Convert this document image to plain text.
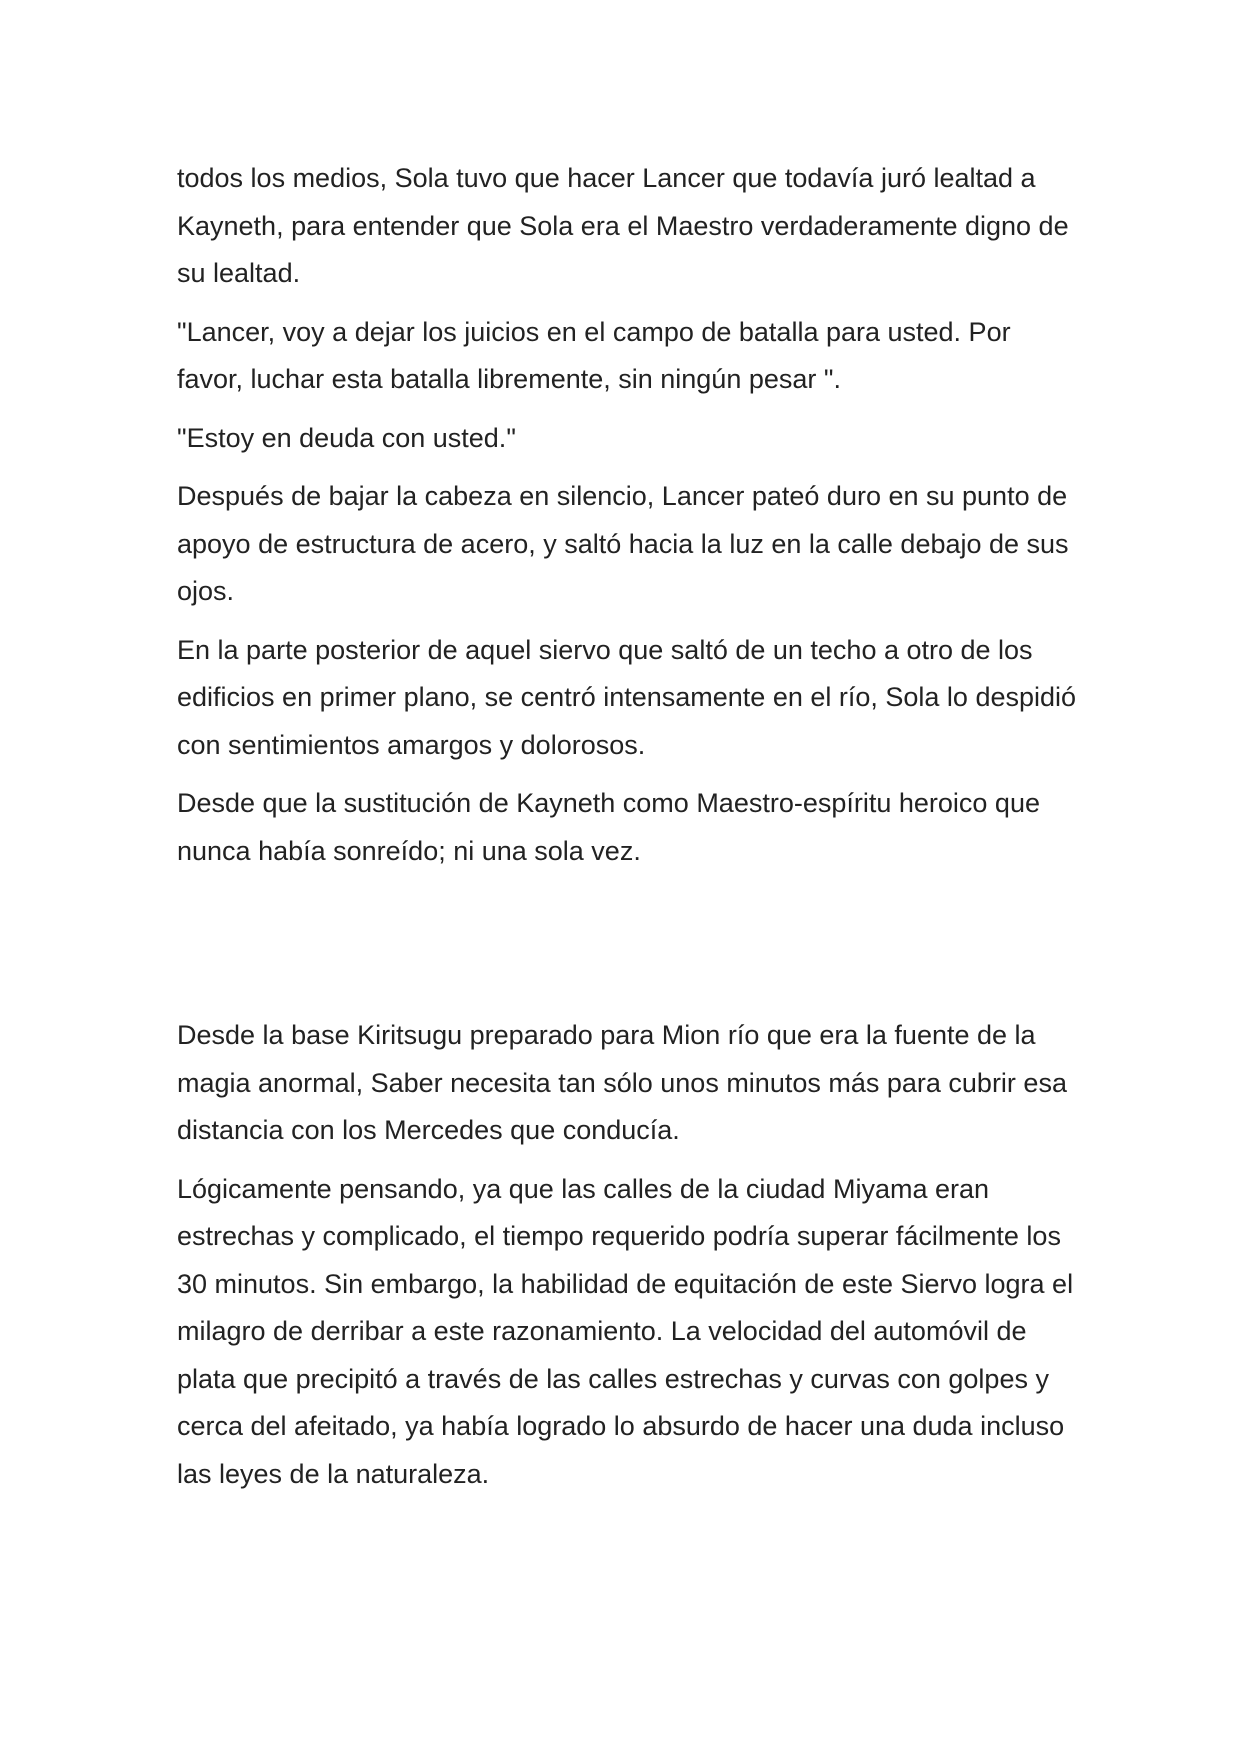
todos los medios, Sola tuvo que hacer Lancer que todavía juró lealtad a Kayneth, para entender que Sola era el Maestro verdaderamente digno de su lealtad.

"Lancer, voy a dejar los juicios en el campo de batalla para usted. Por favor, luchar esta batalla libremente, sin ningún pesar ".

"Estoy en deuda con usted."

Después de bajar la cabeza en silencio, Lancer pateó duro en su punto de apoyo de estructura de acero, y saltó hacia la luz en la calle debajo de sus ojos.

En la parte posterior de aquel siervo que saltó de un techo a otro de los edificios en primer plano, se centró intensamente en el río, Sola lo despidió con sentimientos amargos y dolorosos.

Desde que la sustitución de Kayneth como Maestro-espíritu heroico que nunca había sonreído; ni una sola vez.

Desde la base Kiritsugu preparado para Mion río que era la fuente de la magia anormal, Saber necesita tan sólo unos minutos más para cubrir esa distancia con los Mercedes que conducía.

Lógicamente pensando, ya que las calles de la ciudad Miyama eran estrechas y complicado, el tiempo requerido podría superar fácilmente los 30 minutos. Sin embargo, la habilidad de equitación de este Siervo logra el milagro de derribar a este razonamiento. La velocidad del automóvil de plata que precipitó a través de las calles estrechas y curvas con golpes y cerca del afeitado, ya había logrado lo absurdo de hacer una duda incluso las leyes de la naturaleza.
